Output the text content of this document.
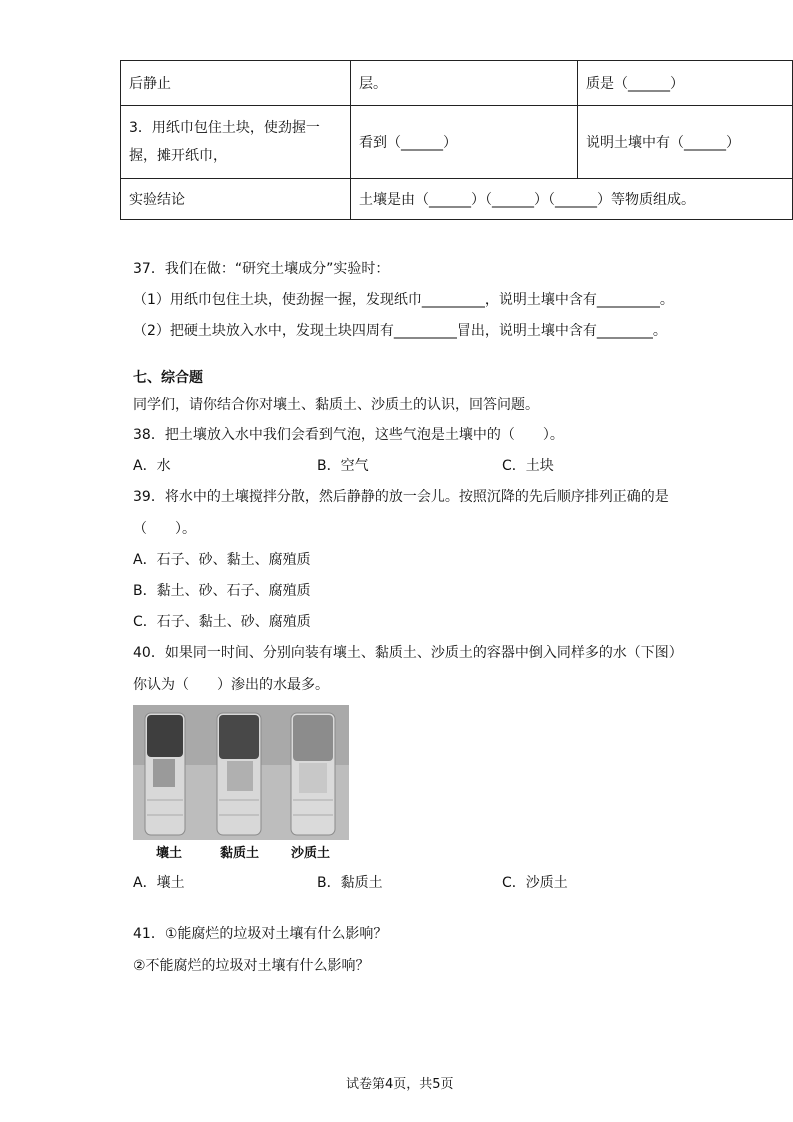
后静止	层。	质是（______）
3．用纸巾包住土块，使劲握一握，摊开纸巾，	看到（______）	说明土壤中有（______）
实验结论	土壤是由（______）（______）（______）等物质组成。	
37．我们在做：“研究土壤成分”实验时：
（1）用纸巾包住土块，使劲握一握，发现纸巾_________，说明土壤中含有_________。
（2）把硬土块放入水中，发现土块四周有_________冒出，说明土壤中含有________。
七、综合题
同学们，请你结合你对壤土、黏质土、沙质土的认识，回答问题。
38．把土壤放入水中我们会看到气泡，这些气泡是土壤中的（　　）。
A．水	B．空气	C．土块
39．将水中的土壤搅拌分散，然后静静的放一会儿。按照沉降的先后顺序排列正确的是
（　　）。
A．石子、砂、黏土、腐殖质
B．黏土、砂、石子、腐殖质
C．石子、黏土、砂、腐殖质
40．如果同一时间、分别向装有壤土、黏质土、沙质土的容器中倒入同样多的水（下图）
你认为（　　）渗出的水最多。
壤土	黏质土 沙质土
A．壤土	B．黏质土	C．沙质土
41．①能腐烂的垃圾对土壤有什么影响？
②不能腐烂的垃圾对土壤有什么影响？
试卷第4页，共5页
